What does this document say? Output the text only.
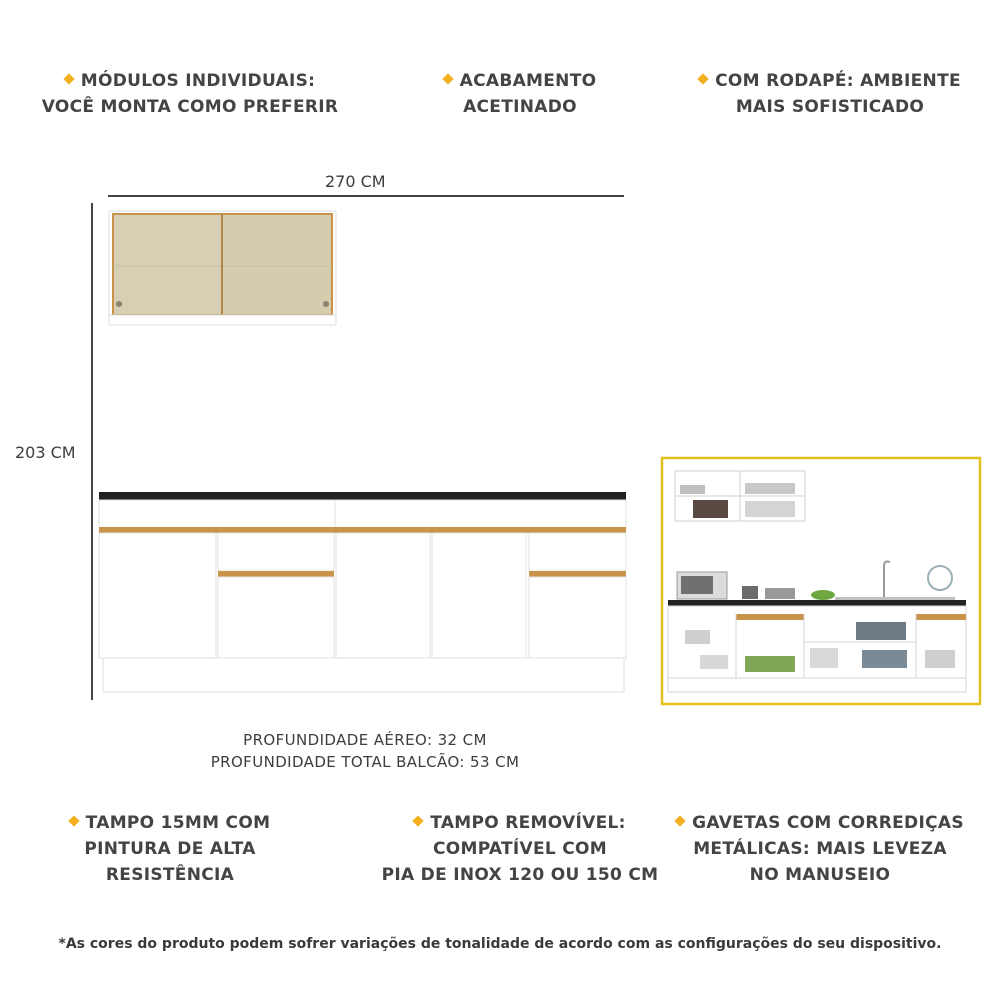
MÓDULOS INDIVIDUAIS:
VOCÊ MONTA COMO PREFERIR
ACABAMENTO
ACETINADO
COM RODAPÉ: AMBIENTE
MAIS SOFISTICADO
270 CM
203 CM
PROFUNDIDADE AÉREO: 32 CM
PROFUNDIDADE TOTAL BALCÃO: 53 CM
TAMPO 15MM COM
PINTURA DE ALTA
RESISTÊNCIA
TAMPO REMOVÍVEL:
COMPATÍVEL COM
PIA DE INOX 120 OU 150 CM
GAVETAS COM CORREDIÇAS
METÁLICAS: MAIS LEVEZA
NO MANUSEIO
*As cores do produto podem sofrer variações de tonalidade de acordo com as configurações do seu dispositivo.
